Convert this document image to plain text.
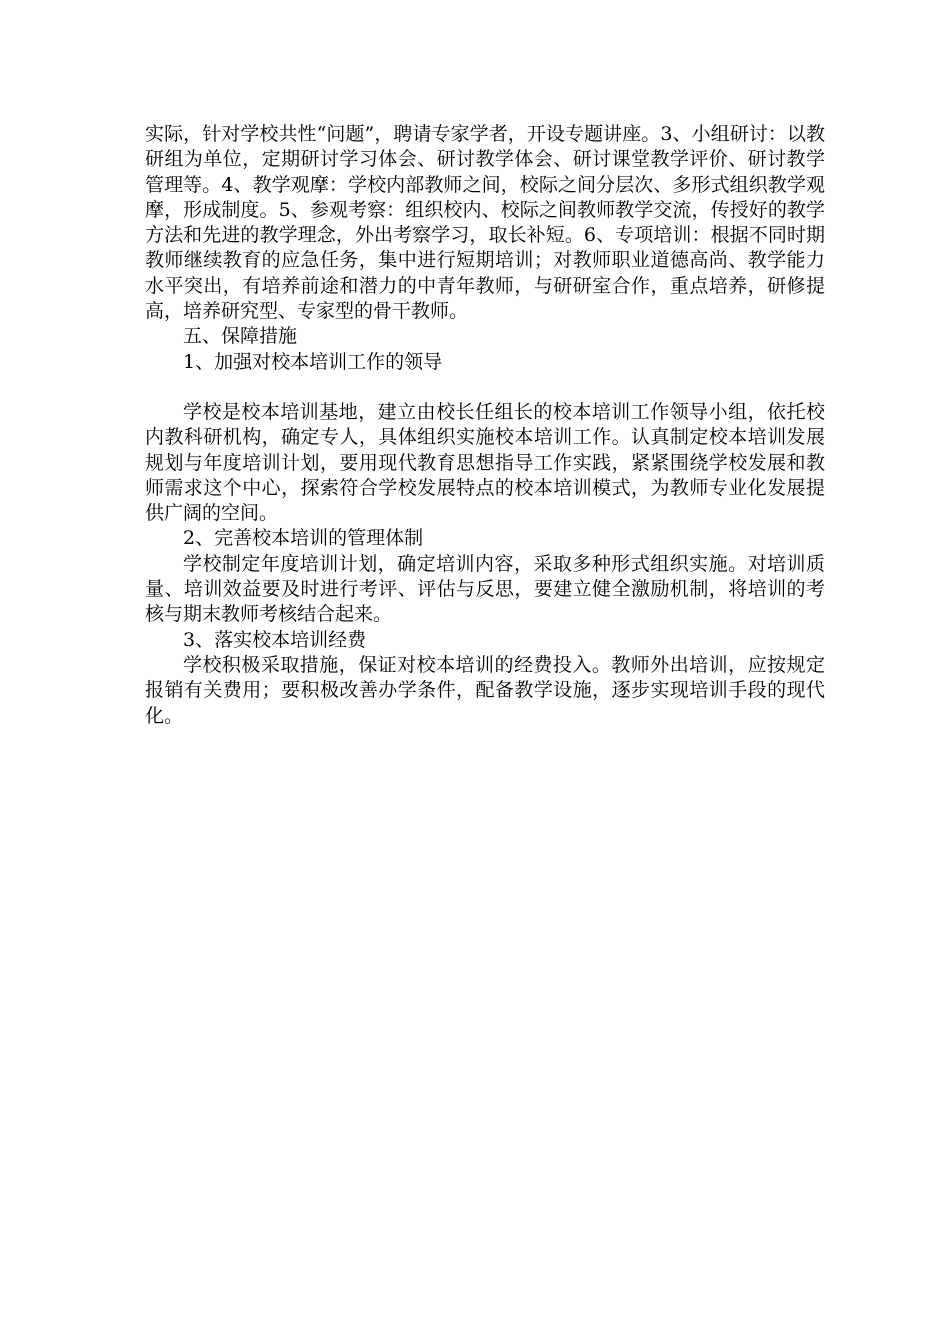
实际，针对学校共性“问题”，聘请专家学者，开设专题讲座。3、小组研讨：以教研组为单位，定期研讨学习体会、研讨教学体会、研讨课堂教学评价、研讨教学管理等。4、教学观摩：学校内部教师之间，校际之间分层次、多形式组织教学观摩，形成制度。5、参观考察：组织校内、校际之间教师教学交流，传授好的教学方法和先进的教学理念，外出考察学习，取长补短。6、专项培训：根据不同时期教师继续教育的应急任务，集中进行短期培训；对教师职业道德高尚、教学能力水平突出，有培养前途和潜力的中青年教师，与研研室合作，重点培养，研修提高，培养研究型、专家型的骨干教师。

五、保障措施

1、加强对校本培训工作的领导

学校是校本培训基地，建立由校长任组长的校本培训工作领导小组，依托校内教科研机构，确定专人，具体组织实施校本培训工作。认真制定校本培训发展规划与年度培训计划，要用现代教育思想指导工作实践，紧紧围绕学校发展和教师需求这个中心，探索符合学校发展特点的校本培训模式，为教师专业化发展提供广阔的空间。

2、完善校本培训的管理体制

学校制定年度培训计划，确定培训内容，采取多种形式组织实施。对培训质量、培训效益要及时进行考评、评估与反思，要建立健全激励机制，将培训的考核与期末教师考核结合起来。

3、落实校本培训经费

学校积极采取措施，保证对校本培训的经费投入。教师外出培训，应按规定报销有关费用；要积极改善办学条件，配备教学设施，逐步实现培训手段的现代化。
